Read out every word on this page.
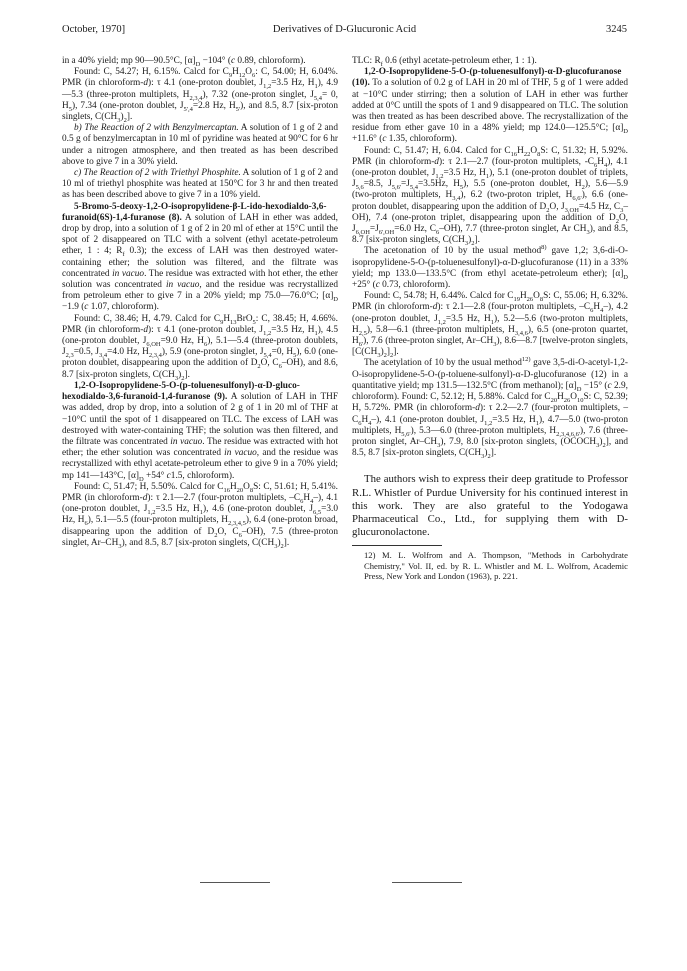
October, 1970]	Derivatives of D-Glucuronic Acid	3245

in a 40% yield; mp 90—90.5°C, $[\alpha]_D -104^\circ$ (c 0.89, chloroform).

Found: C, 54.27; H, 6.15%. Calcd for $C_9H_{12}O_6$: C, 54.00; H, 6.04%. PMR (in chloroform-d): τ 4.1 (one-proton doublet, $J_{1,2}=3.5$ Hz, $H_1$), 4.9—5.3 (three-proton multiplets, $H_{2,3,4}$), 7.32 (one-proton singlet, $J_{5,4}= 0$, $H_5$), 7.34 (one-proton doublet, $J_{5',4}=2.8$ Hz, $H_{5'}$), and 8.5, 8.7 [six-proton singlets, $C(CH_3)_2$].

b) The Reaction of 2 with Benzylmercaptan. A solution of 1 g of 2 and 0.5 g of benzylmercaptan in 10 ml of pyridine was heated at 90°C for 6 hr under a nitrogen atmosphere, and then treated as has been described above to give 7 in a 30% yield.

c) The Reaction of 2 with Triethyl Phosphite. A solution of 1 g of 2 and 10 ml of triethyl phosphite was heated at 150°C for 3 hr and then treated as has been described above to give 7 in a 10% yield.

5-Bromo-5-deoxy-1,2-O-isopropylidene-β-L-ido-hexodialdo-3,6-furanoid(6S)-1,4-furanose (8). A solution of LAH in ether was added, drop by drop, into a solution of 1 g of 2 in 20 ml of ether at 15°C until the spot of 2 disappeared on TLC with a solvent (ethyl acetate-petroleum ether, 1 : 4; $R_f$ 0.3); the excess of LAH was then destroyed water-containing ether; the solution was filtered, and the filtrate was concentrated in vacuo. The residue was extracted with hot ether, the ether solution was concentrated in vacuo, and the residue was recrystallized from petroleum ether to give 7 in a 20% yield; mp 75.0—76.0°C; $[\alpha]_D -1.9$ (c 1.07, chloroform).

Found: C, 38.46; H, 4.79. Calcd for $C_9H_{13}BrO_5$: C, 38.45; H, 4.66%. PMR (in chloroform-d): τ 4.1 (one-proton doublet, $J_{1,2}=3.5$ Hz, $H_1$), 4.5 (one-proton doublet, $J_{6,OH}=9.0$ Hz, $H_6$), 5.1—5.4 (three-proton doublets, $J_{2,3}=0.5$, $J_{3,4}=4.0$ Hz, $H_{2,3,4}$), 5.9 (one-proton singlet, $J_{5,4}=0$, $H_5$), 6.0 (one-proton doublet, disappearing upon the addition of $D_2O$, $C_6-OH$), and 8.6, 8.7 [six-proton singlets, $C(CH_3)_2$].

1,2-O-Isopropylidene-5-O-(p-toluenesulfonyl)-α-D-gluco-hexodialdo-3,6-furanoid-1,4-furanose (9). A solution of LAH in THF was added, drop by drop, into a solution of 2 g of 1 in 20 ml of THF at −10°C until the spot of 1 disappeared on TLC. The excess of LAH was destroyed with water-containing THF; the solution was then filtered, and the filtrate was concentrated in vacuo. The residue was extracted with hot ether; the ether solution was concentrated in vacuo, and the residue was recrystallized with ethyl acetate-petroleum ether to give 9 in a 70% yield; mp 141—143°C, $[\alpha]_D +54^\circ$ c1.5, chloroform).

Found: C, 51.47; H, 5.50%. Calcd for $C_{16}H_{20}O_8S$: C, 51.61; H, 5.41%. PMR (in chloroform-d): τ 2.1—2.7 (four-proton multiplets, $-C_6H_4-$), 4.1 (one-proton doublet, $J_{1,2}=3.5$ Hz, $H_1$), 4.6 (one-proton doublet, $J_{6,5}=3.0$ Hz, $H_6$), 5.1—5.5 (four-proton multiplets, $H_{2,3,4,5}$), 6.4 (one-proton broad, disappearing upon the addition of $D_2O$, $C_6-OH$), 7.5 (three-proton singlet, $Ar-CH_3$), and 8.5, 8.7 [six-proton singlets, $C(CH_3)_2$].

TLC: $R_f$ 0.6 (ethyl acetate-petroleum ether, 1 : 1).

1,2-O-Isopropylidene-5-O-(p-toluenesulfonyl)-α-D-glucofuranose (10). To a solution of 0.2 g of LAH in 20 ml of THF, 5 g of 1 were added at −10°C under stirring; then a solution of LAH in ether was further added at 0°C untill the spots of 1 and 9 disappeared on TLC. The solution was then treated as has been described above. The recrystallization of the residue from ether gave 10 in a 48% yield; mp 124.0—125.5°C; $[\alpha]_D +11.6^\circ$ (c 1.35, chloroform).

Found: C, 51.47; H, 6.04. Calcd for $C_{16}H_{22}O_8S$: C, 51.32; H, 5.92%. PMR (in chloroform-d): τ 2.1—2.7 (four-proton multiplets, $-C_6H_4$), 4.1 (one-proton doublet, $J_{1,2}=3.5$ Hz, $H_1$), 5.1 (one-proton doublet of triplets, $J_{5,6}=8.5$, $J_{5,6'}=J_{5,4}=3.5Hz$, $H_5$), 5.5 (one-proton doublet, $H_2$), 5.6—5.9 (two-proton multiplets, $H_{3,4}$), 6.2 (two-proton triplet, $H_{6,6'}$), 6.6 (one-proton doublet, disappearing upon the addition of $D_2O$, $J_{3,OH}=4.5$ Hz, $C_3-OH$), 7.4 (one-proton triplet, disappearing upon the addition of $D_2O$, $J_{6,OH}=J_{6',OH}=6.0$ Hz, $C_6-OH$), 7.7 (three-proton singlet, Ar $CH_3$), and 8.5, 8.7 [six-proton singlets, $C(CH_3)_2$].

The acetonation of 10 by the usual method$^{8)}$ gave 1,2; 3,6-di-O-isopropylidene-5-O-(p-toluenesulfonyl)-α-D-glucofuranose (11) in a 33% yield; mp 133.0—133.5°C (from ethyl acetate-petroleum ether); $[\alpha]_D +25^\circ$ (c 0.73, chloroform).

Found: C, 54.78; H, 6.44%. Calcd for $C_{19}H_{26}O_8S$: C, 55.06; H, 6.32%. PMR (in chloroform-d): τ 2.1—2.8 (four-proton multiplets, $-C_6H_4-$), 4.2 (one-proton doublet, $J_{1,2}=3.5$ Hz, $H_1$), 5.2—5.6 (two-proton multiplets, $H_{2,5}$), 5.8—6.1 (three-proton multiplets, $H_{3,4,6}$), 6.5 (one-proton quartet, $H_{6'}$), 7.6 (three-proton singlet, $Ar-CH_3$), 8.6—8.7 [twelve-proton singlets, $[C(CH_3)_2]_2$].

The acetylation of 10 by the usual method$^{12)}$ gave 3,5-di-O-acetyl-1,2-O-isopropylidene-5-O-(p-toluene-sulfonyl)-α-D-glucofuranose (12) in a quantitative yield; mp 131.5—132.5°C (from methanol); $[\alpha]_D -15^\circ$ (c 2.9, chloroform). Found: C, 52.12; H, 5.88%. Calcd for $C_{20}H_{26}O_{10}S$: C, 52.39; H, 5.72%. PMR (in chloroform-d): τ 2.2—2.7 (four-proton multiplets, $-C_6H_4-$), 4.1 (one-proton doublet, $J_{1,2}=3.5$ Hz, $H_1$), 4.7—5.0 (two-proton multiplets, $H_{5,6'}$), 5.3—6.0 (three-proton multiplets, $H_{2,3,4,6,6'}$), 7.6 (three-proton singlet, $Ar-CH_3$), 7.9, 8.0 [six-proton singlets, $(OCOCH_3)_2$], and 8.5, 8.7 [six-proton singlets, $C(CH_3)_2$].

The authors wish to express their deep gratitude to Professor R.L. Whistler of Purdue University for his continued interest in this work. They are also grateful to the Yodogawa Pharmaceutical Co., Ltd., for supplying them with D-glucuronolactone.

12) M. L. Wolfrom and A. Thompson, "Methods in Carbohydrate Chemistry," Vol. II, ed. by R. L. Whistler and M. L. Wolfrom, Academic Press, New York and London (1963), p. 221.
